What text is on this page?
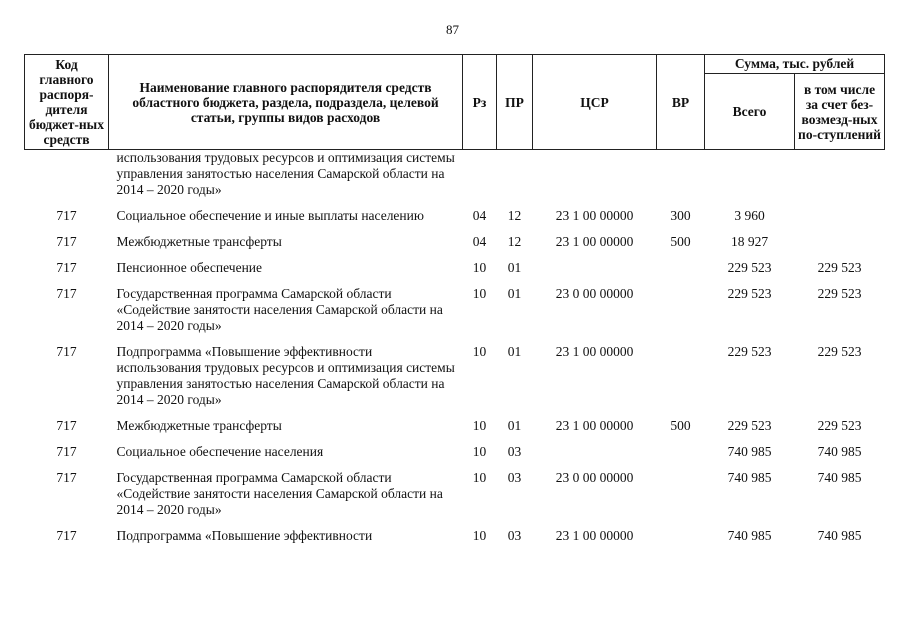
87
Код главного распоря-дителя бюджет-ных средств	Наименование главного распорядителя средств областного бюджета, раздела, подраздела, целевой статьи, группы видов расходов	Рз	ПР	ЦСР	ВР	Сумма, тыс. рублей	
						Всего	в том числе за счет без-возмезд-ных по-ступлений
	использования трудовых ресурсов и оптимизация системы управления занятостью населения Самарской области на 2014 – 2020 годы»						
717	Социальное обеспечение и иные выплаты населению	04	12	23 1 00 00000	300	3 960	
717	Межбюджетные трансферты	04	12	23 1 00 00000	500	18 927	
717	Пенсионное обеспечение	10	01			229 523	229 523
717	Государственная программа Самарской области «Содействие занятости населения Самарской области на 2014 – 2020 годы»	10	01	23 0 00 00000		229 523	229 523
717	Подпрограмма «Повышение эффективности использования трудовых ресурсов и оптимизация системы управления занятостью населения Самарской области на 2014 – 2020 годы»	10	01	23 1 00 00000		229 523	229 523
717	Межбюджетные трансферты	10	01	23 1 00 00000	500	229 523	229 523
717	Социальное обеспечение населения	10	03			740 985	740 985
717	Государственная программа Самарской области «Содействие занятости населения Самарской области на 2014 – 2020 годы»	10	03	23 0 00 00000		740 985	740 985
717	Подпрограмма «Повышение эффективности	10	03	23 1 00 00000		740 985	740 985
